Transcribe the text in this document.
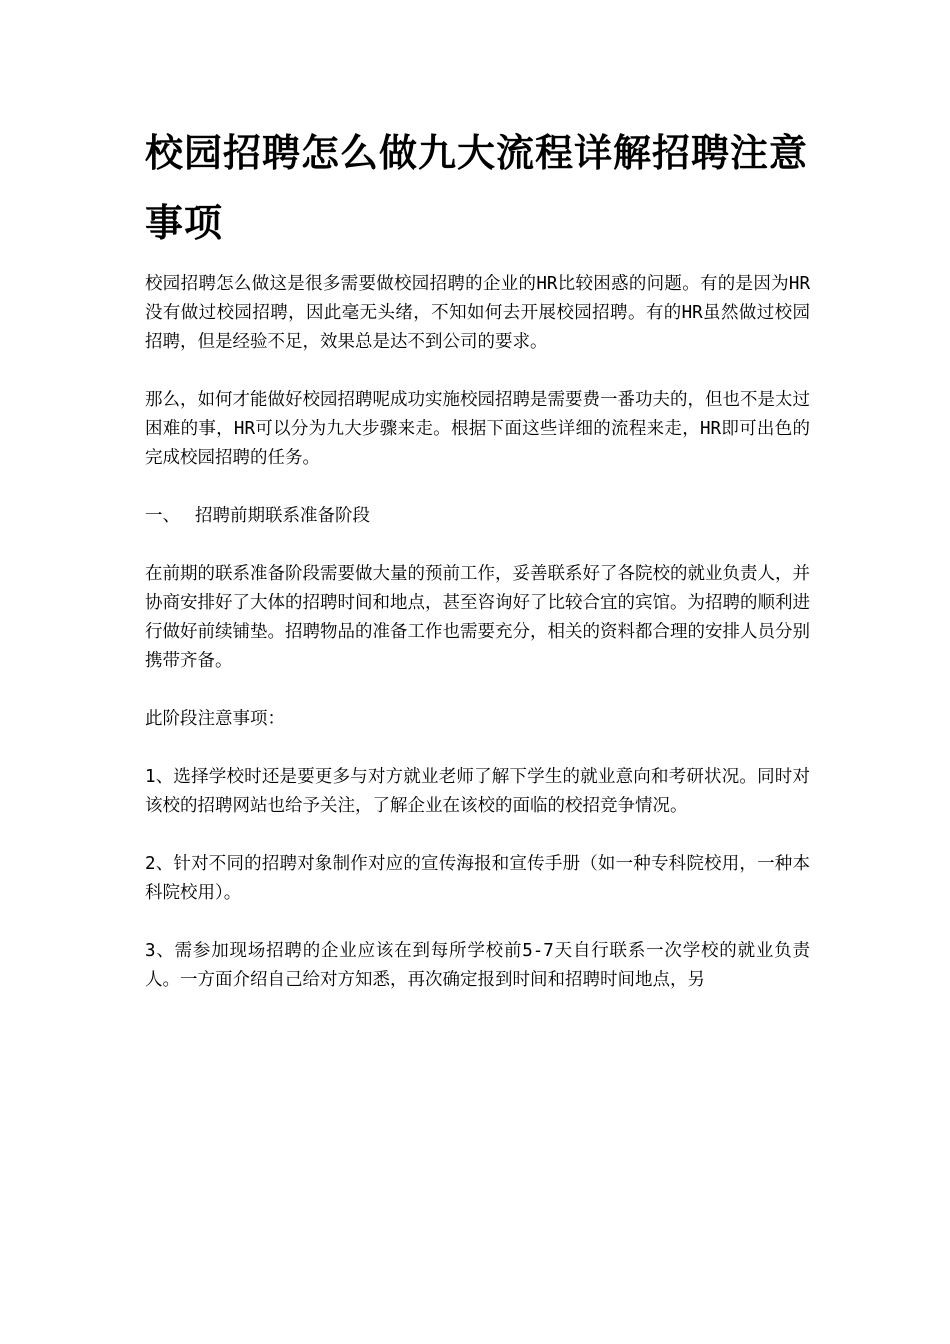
校园招聘怎么做九大流程详解招聘注意事项

校园招聘怎么做这是很多需要做校园招聘的企业的HR比较困惑的问题。有的是因为HR没有做过校园招聘，因此毫无头绪，不知如何去开展校园招聘。有的HR虽然做过校园招聘，但是经验不足，效果总是达不到公司的要求。

那么，如何才能做好校园招聘呢成功实施校园招聘是需要费一番功夫的，但也不是太过困难的事，HR可以分为九大步骤来走。根据下面这些详细的流程来走，HR即可出色的完成校园招聘的任务。

一、 招聘前期联系准备阶段

在前期的联系准备阶段需要做大量的预前工作，妥善联系好了各院校的就业负责人，并协商安排好了大体的招聘时间和地点，甚至咨询好了比较合宜的宾馆。为招聘的顺利进行做好前续铺垫。招聘物品的准备工作也需要充分，相关的资料都合理的安排人员分别携带齐备。

此阶段注意事项：

1、选择学校时还是要更多与对方就业老师了解下学生的就业意向和考研状况。同时对该校的招聘网站也给予关注，了解企业在该校的面临的校招竞争情况。

2、针对不同的招聘对象制作对应的宣传海报和宣传手册（如一种专科院校用，一种本科院校用）。

3、需参加现场招聘的企业应该在到每所学校前5-7天自行联系一次学校的就业负责人。一方面介绍自己给对方知悉，再次确定报到时间和招聘时间地点，另
